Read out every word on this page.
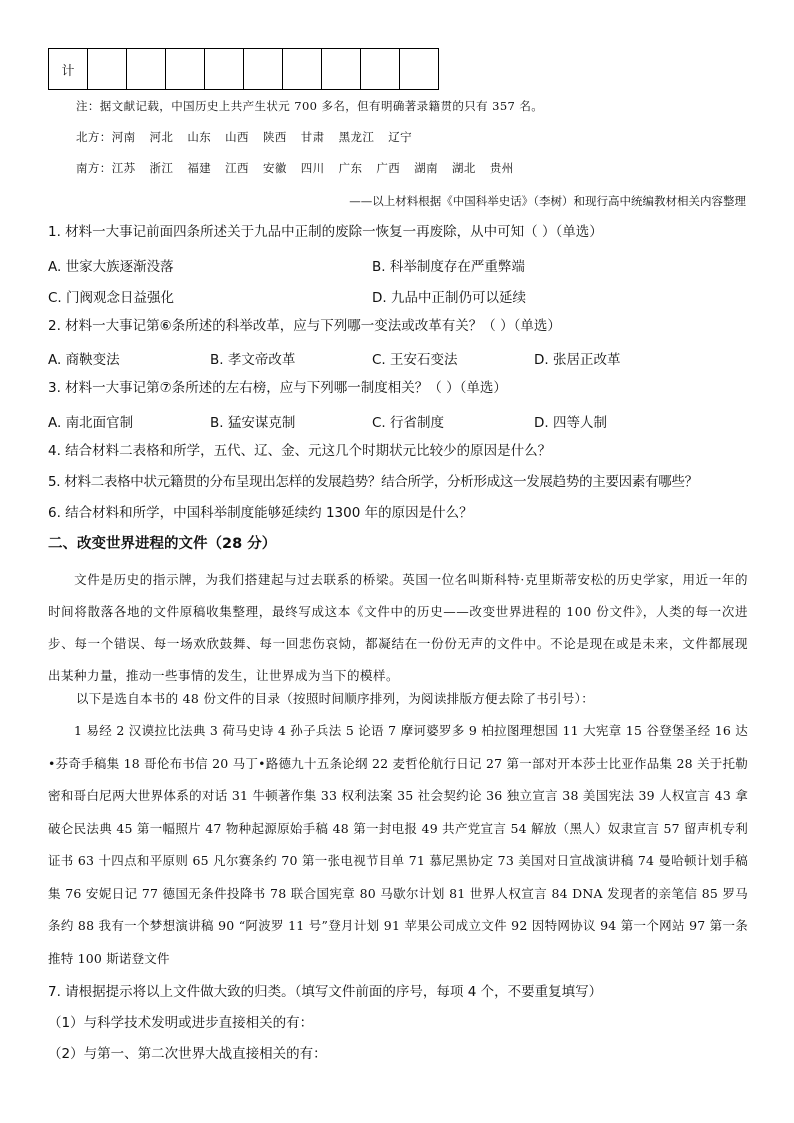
计									
注：据文献记载，中国历史上共产生状元 700 多名，但有明确著录籍贯的只有 357 名。
北方：河南 河北 山东 山西 陕西 甘肃 黑龙江 辽宁
南方：江苏 浙江 福建 江西 安徽 四川 广东 广西 湖南 湖北 贵州
——以上材料根据《中国科举史话》（李树）和现行高中统编教材相关内容整理
1. 材料一大事记前面四条所述关于九品中正制的废除一恢复一再废除，从中可知（ ）（单选）
A. 世家大族逐渐没落	B. 科举制度存在严重弊端
C. 门阀观念日益强化	D. 九品中正制仍可以延续
2. 材料一大事记第⑥条所述的科举改革，应与下列哪一变法或改革有关？（ ）（单选）
A. 商鞅变法	B. 孝文帝改革	C. 王安石变法	D. 张居正改革
3. 材料一大事记第⑦条所述的左右榜，应与下列哪一制度相关？（ ）（单选）
A. 南北面官制	B. 猛安谋克制	C. 行省制度	D. 四等人制
4. 结合材料二表格和所学，五代、辽、金、元这几个时期状元比较少的原因是什么？
5. 材料二表格中状元籍贯的分布呈现出怎样的发展趋势？结合所学，分析形成这一发展趋势的主要因素有哪些？
6. 结合材料和所学，中国科举制度能够延续约 1300 年的原因是什么？
二、改变世界进程的文件（28 分）
文件是历史的指示牌，为我们搭建起与过去联系的桥梁。英国一位名叫斯科特·克里斯蒂安松的历史学家，用近一年的时间将散落各地的文件原稿收集整理，最终写成这本《文件中的历史——改变世界进程的 100 份文件》，人类的每一次进步、每一个错误、每一场欢欣鼓舞、每一回悲伤哀恸，都凝结在一份份无声的文件中。不论是现在或是未来，文件都展现出某种力量，推动一些事情的发生，让世界成为当下的模样。
以下是选自本书的 48 份文件的目录（按照时间顺序排列，为阅读排版方便去除了书引号）：
1 易经 2 汉谟拉比法典 3 荷马史诗 4 孙子兵法 5 论语 7 摩诃婆罗多 9 柏拉图理想国 11 大宪章 15 谷登堡圣经 16 达•芬奇手稿集 18 哥伦布书信 20 马丁•路德九十五条论纲 22 麦哲伦航行日记 27 第一部对开本莎士比亚作品集 28 关于托勒密和哥白尼两大世界体系的对话 31 牛顿著作集 33 权利法案 35 社会契约论 36 独立宣言 38 美国宪法 39 人权宣言 43 拿破仑民法典 45 第一幅照片 47 物种起源原始手稿 48 第一封电报 49 共产党宣言 54 解放（黑人）奴隶宣言 57 留声机专利证书 63 十四点和平原则 65 凡尔赛条约 70 第一张电视节目单 71 慕尼黑协定 73 美国对日宣战演讲稿 74 曼哈顿计划手稿集 76 安妮日记 77 德国无条件投降书 78 联合国宪章 80 马歇尔计划 81 世界人权宣言 84 DNA 发现者的亲笔信 85 罗马条约 88 我有一个梦想演讲稿 90 “阿波罗 11 号”登月计划 91 苹果公司成立文件 92 因特网协议 94 第一个网站 97 第一条推特 100 斯诺登文件
7. 请根据提示将以上文件做大致的归类。（填写文件前面的序号，每项 4 个，不要重复填写）
（1）与科学技术发明或进步直接相关的有：
（2）与第一、第二次世界大战直接相关的有：
